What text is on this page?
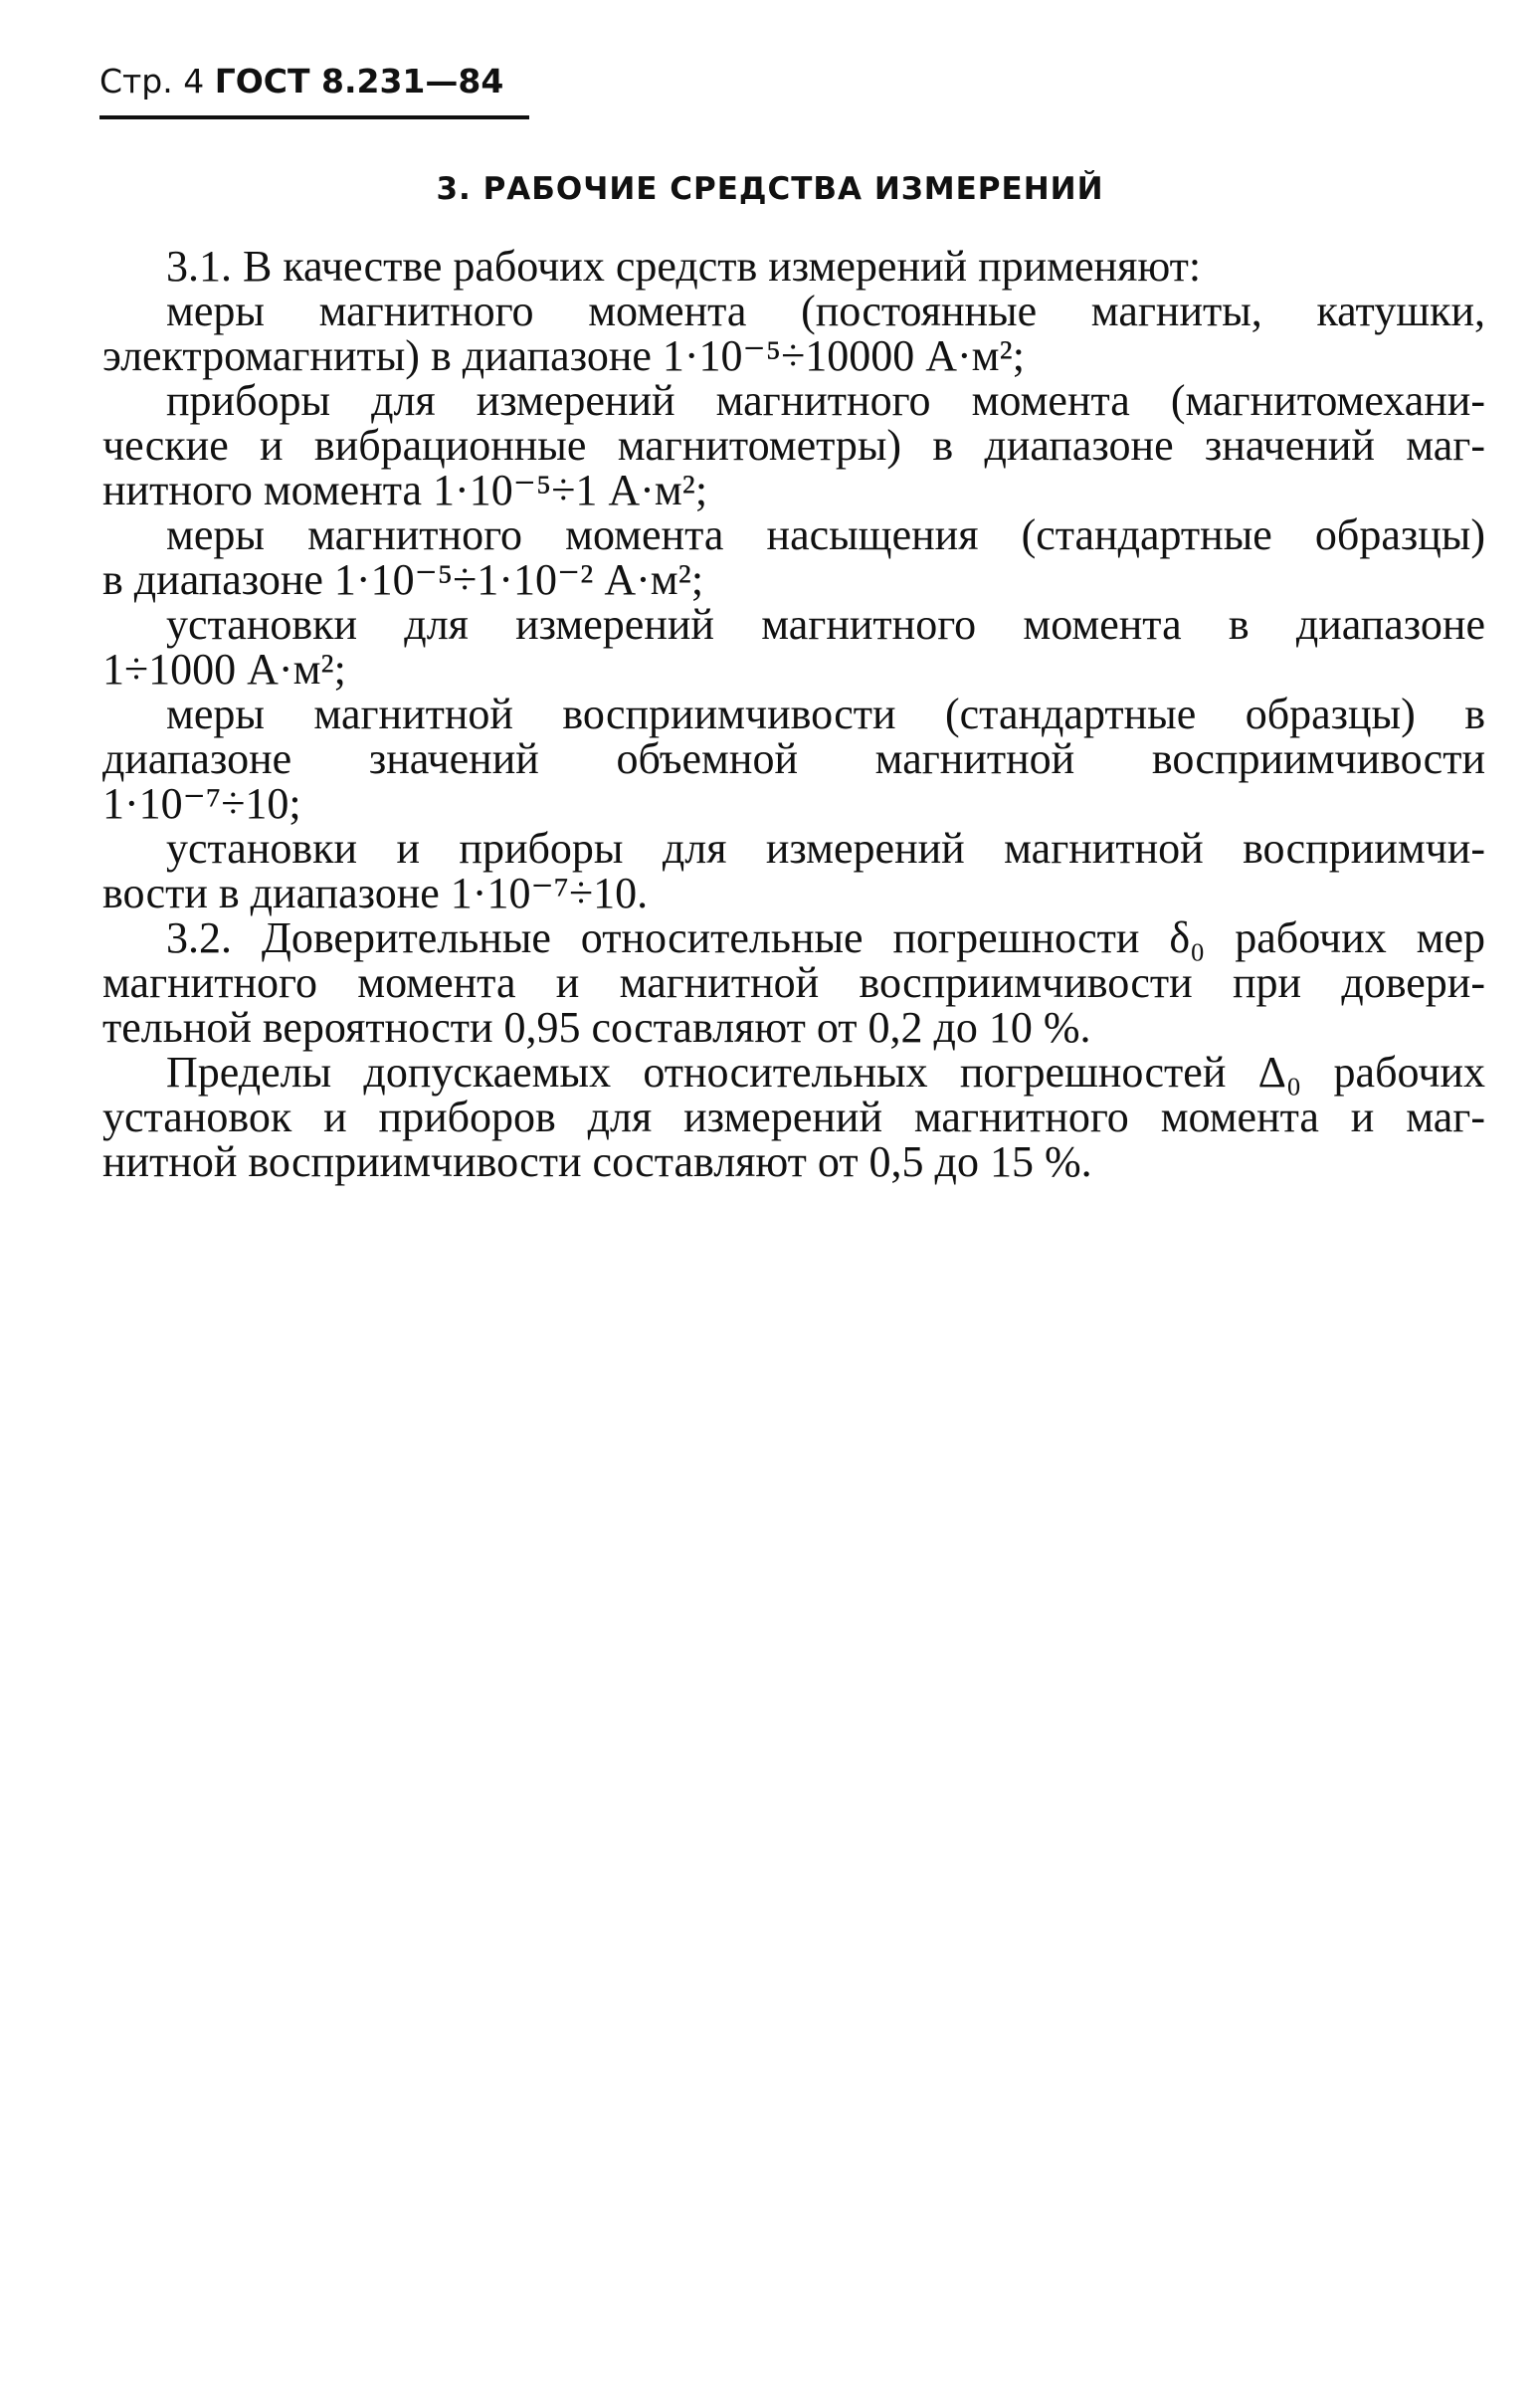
Стр. 4 ГОСТ 8.231—84
3. РАБОЧИЕ СРЕДСТВА ИЗМЕРЕНИЙ
3.1. В качестве рабочих средств измерений применяют:
меры магнитного момента (постоянные магниты, катушки,
электромагниты) в диапазоне 1·10⁻⁵÷10000 А·м²;
приборы для измерений магнитного момента (магнитомехани-
ческие и вибрационные магнитометры) в диапазоне значений маг-
нитного момента 1·10⁻⁵÷1 А·м²;
меры магнитного момента насыщения (стандартные образцы)
в диапазоне 1·10⁻⁵÷1·10⁻² А·м²;
установки для измерений магнитного момента в диапазоне
1÷1000 А·м²;
меры магнитной восприимчивости (стандартные образцы) в
диапазоне значений объемной магнитной восприимчивости
1·10⁻⁷÷10;
установки и приборы для измерений магнитной восприимчи-
вости в диапазоне 1·10⁻⁷÷10.
3.2. Доверительные относительные погрешности δ₀ рабочих мер
магнитного момента и магнитной восприимчивости при довери-
тельной вероятности 0,95 составляют от 0,2 до 10 %.
Пределы допускаемых относительных погрешностей Δ₀ рабочих
установок и приборов для измерений магнитного момента и маг-
нитной восприимчивости составляют от 0,5 до 15 %.
